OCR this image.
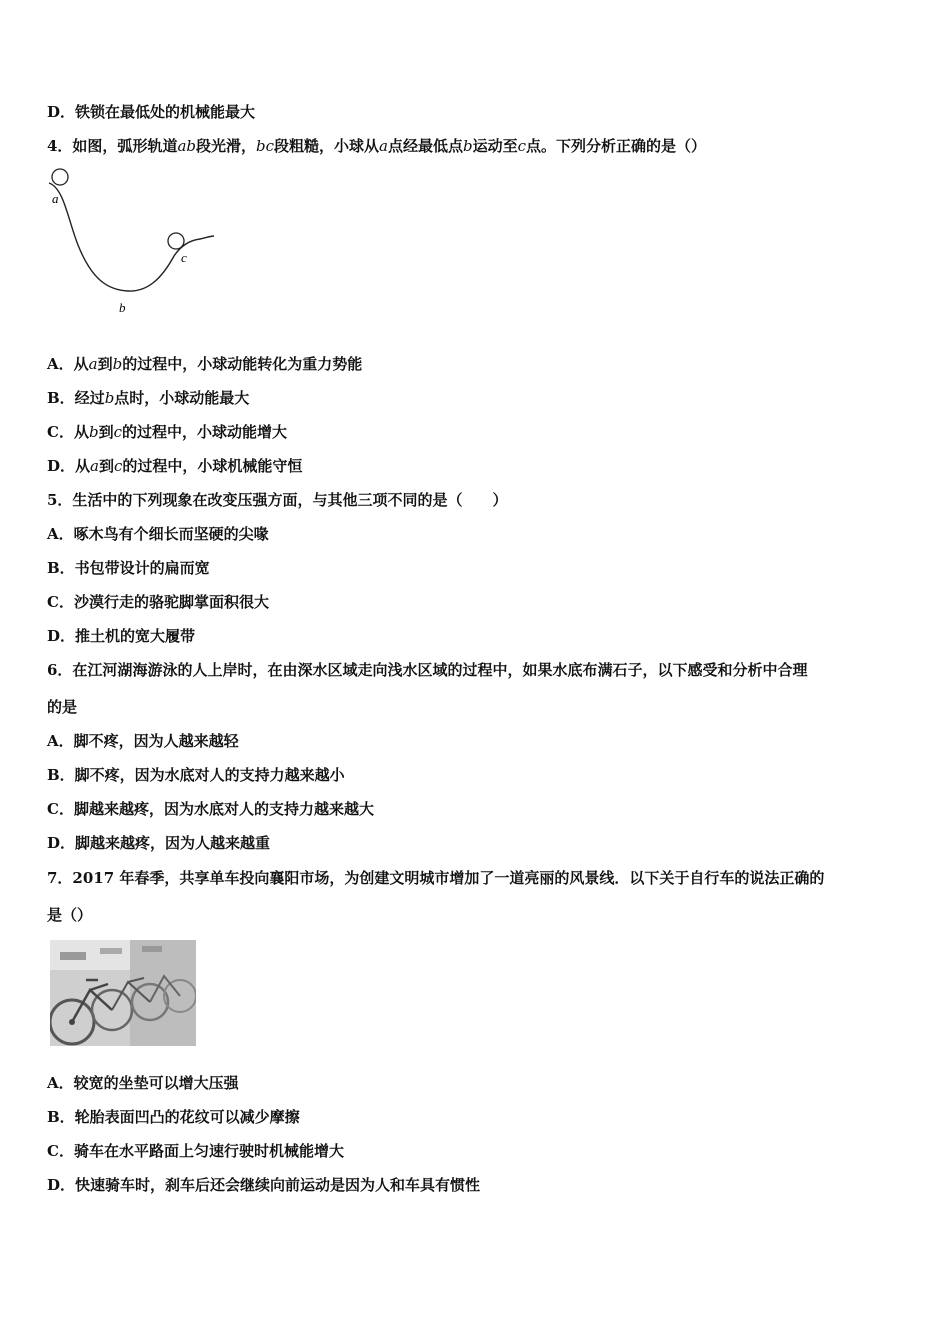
D．铁锁在最低处的机械能最大
4．如图，弧形轨道ab段光滑，bc段粗糙，小球从a点经最低点b运动至c点。下列分析正确的是（）
a
b
c
A．从a到b的过程中，小球动能转化为重力势能
B．经过b点时，小球动能最大
C．从b到c的过程中，小球动能增大
D．从a到c的过程中，小球机械能守恒
5．生活中的下列现象在改变压强方面，与其他三项不同的是（　　）
A．啄木鸟有个细长而坚硬的尖喙
B．书包带设计的扁而宽
C．沙漠行走的骆驼脚掌面积很大
D．推土机的宽大履带
6．在江河湖海游泳的人上岸时，在由深水区域走向浅水区域的过程中，如果水底布满石子，以下感受和分析中合理
的是
A．脚不疼，因为人越来越轻
B．脚不疼，因为水底对人的支持力越来越小
C．脚越来越疼，因为水底对人的支持力越来越大
D．脚越来越疼，因为人越来越重
7．2017 年春季，共享单车投向襄阳市场，为创建文明城市增加了一道亮丽的风景线．以下关于自行车的说法正确的
是（）
A．较宽的坐垫可以增大压强
B．轮胎表面凹凸的花纹可以减少摩擦
C．骑车在水平路面上匀速行驶时机械能增大
D．快速骑车时，刹车后还会继续向前运动是因为人和车具有惯性
